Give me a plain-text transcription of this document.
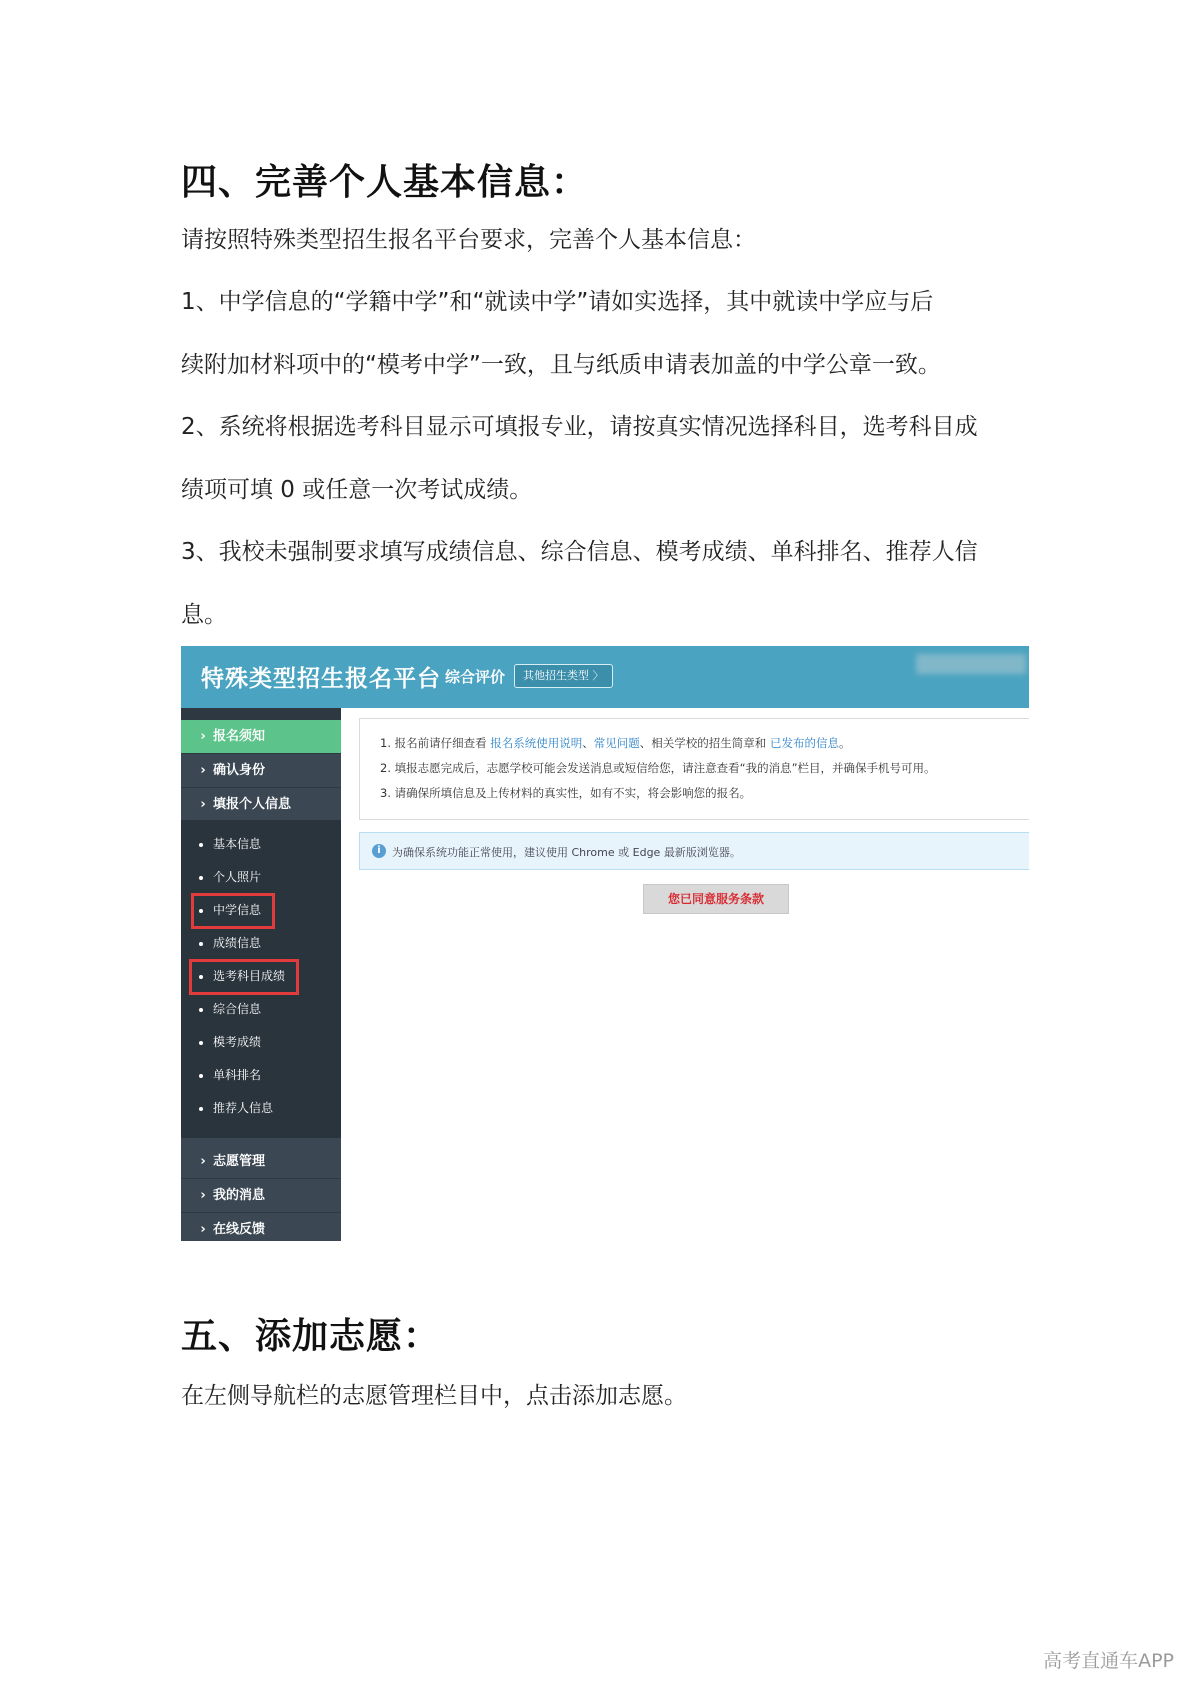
四、完善个人基本信息：

请按照特殊类型招生报名平台要求，完善个人基本信息：

1、中学信息的“学籍中学”和“就读中学”请如实选择，其中就读中学应与后

续附加材料项中的“模考中学”一致，且与纸质申请表加盖的中学公章一致。

2、系统将根据选考科目显示可填报专业，请按真实情况选择科目，选考科目成

绩项可填 0 或任意一次考试成绩。

3、我校未强制要求填写成绩信息、综合信息、模考成绩、单科排名、推荐人信

息。

特殊类型招生报名平台 综合评价	其他招生类型 〉
› 报名须知
› 确认身份
› 填报个人信息
基本信息
个人照片
中学信息
成绩信息
选考科目成绩
综合信息
模考成绩
单科排名
推荐人信息
› 志愿管理
› 我的消息
› 在线反馈
1. 报名前请仔细查看 报名系统使用说明、常见问题、相关学校的招生简章和 已发布的信息。
2. 填报志愿完成后，志愿学校可能会发送消息或短信给您，请注意查看“我的消息”栏目，并确保手机号可用。
3. 请确保所填信息及上传材料的真实性，如有不实，将会影响您的报名。
i	为确保系统功能正常使用，建议使用 Chrome 或 Edge 最新版浏览器。
您已同意服务条款
五、添加志愿：

在左侧导航栏的志愿管理栏目中，点击添加志愿。

高考直通车APP
